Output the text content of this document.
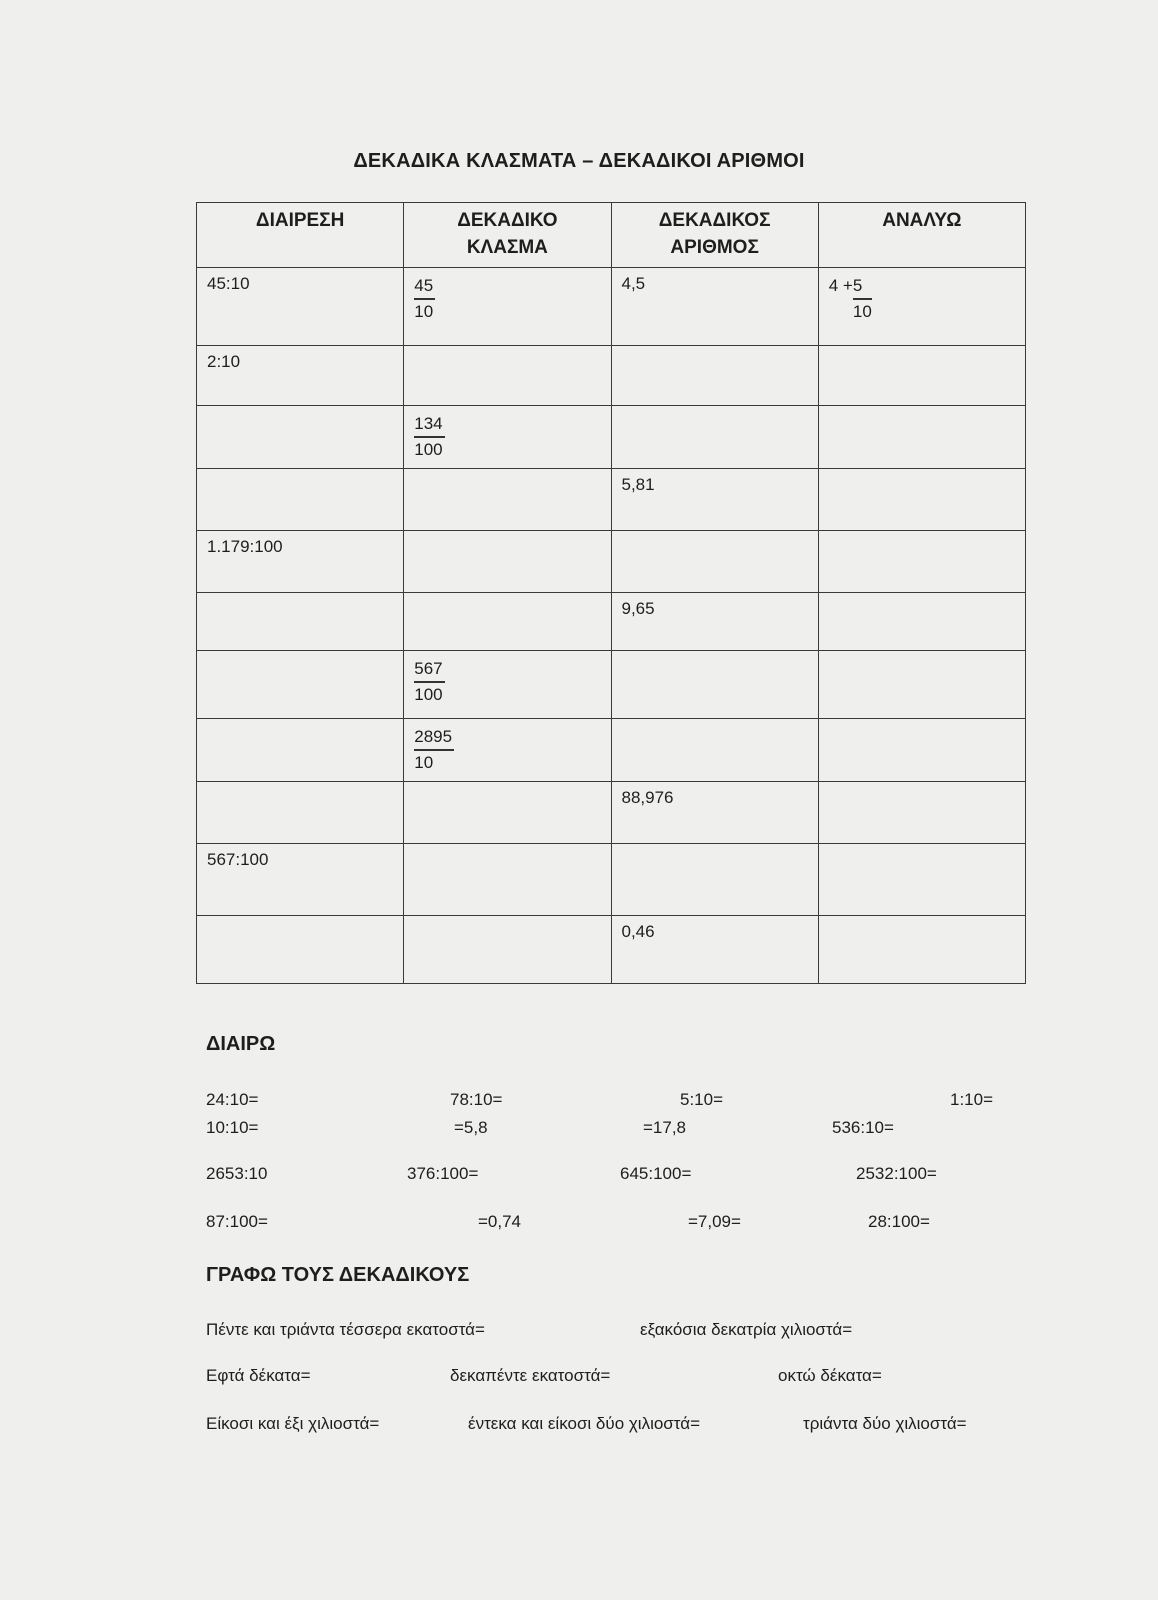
ΔΕΚΑΔΙΚΑ ΚΛΑΣΜΑΤΑ – ΔΕΚΑΔΙΚΟΙ ΑΡΙΘΜΟΙ
ΔΙΑΙΡΕΣΗ	ΔΕΚΑΔΙΚΟ ΚΛΑΣΜΑ	ΔΕΚΑΔΙΚΟΣ ΑΡΙΘΜΟΣ	ΑΝΑΛΥΩ
45:10	$\frac{45}{10}$	4,5	$4 + \frac{5}{10}$

2:10			

	$\frac{134}{100}$

		5,81	
1.179:100			
		9,65	

	$\frac{567}{100}$

	$\frac{2895}{10}$

		88,976	
567:100			
		0,46	
ΔΙΑΙΡΩ
24:10=	78:10=	5:10=	1:10=
10:10=	=5,8	=17,8	536:10=
2653:10	376:100=	645:100=	2532:100=
87:100=	=0,74	=7,09=	28:100=
ΓΡΑΦΩ ΤΟΥΣ ΔΕΚΑΔΙΚΟΥΣ
Πέντε και τριάντα τέσσερα εκατοστά=	εξακόσια δεκατρία χιλιοστά=
Εφτά δέκατα=	δεκαπέντε εκατοστά=	οκτώ δέκατα=
Είκοσι και έξι χιλιοστά=	έντεκα και είκοσι δύο χιλιοστά=	τριάντα δύο χιλιοστά=
